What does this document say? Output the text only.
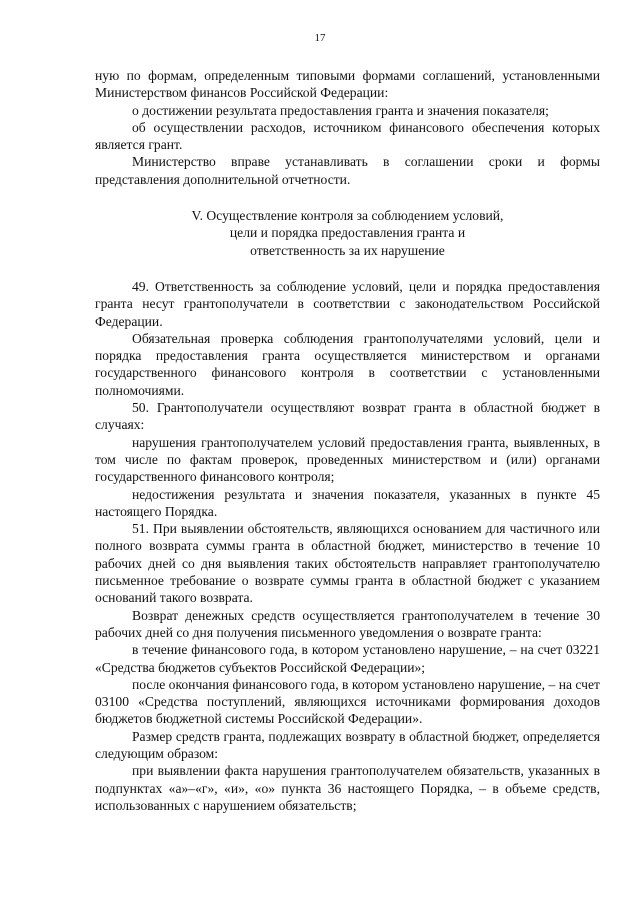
17

ную по формам, определенным типовыми формами соглашений, установленными Министерством финансов Российской Федерации:

о достижении результата предоставления гранта и значения показателя;

об осуществлении расходов, источником финансового обеспечения которых является грант.

Министерство вправе устанавливать в соглашении сроки и формы представления дополнительной отчетности.

V. Осуществление контроля за соблюдением условий,
цели и порядка предоставления гранта и
ответственность за их нарушение

49. Ответственность за соблюдение условий, цели и порядка предоставления гранта несут грантополучатели в соответствии с законодательством Российской Федерации.

Обязательная проверка соблюдения грантополучателями условий, цели и порядка предоставления гранта осуществляется министерством и органами государственного финансового контроля в соответствии с установленными полномочиями.

50. Грантополучатели осуществляют возврат гранта в областной бюджет в случаях:

нарушения грантополучателем условий предоставления гранта, выявленных, в том числе по фактам проверок, проведенных министерством и (или) органами государственного финансового контроля;

недостижения результата и значения показателя, указанных в пункте 45 настоящего Порядка.

51. При выявлении обстоятельств, являющихся основанием для частичного или полного возврата суммы гранта в областной бюджет, министерство в течение 10 рабочих дней со дня выявления таких обстоятельств направляет грантополучателю письменное требование о возврате суммы гранта в областной бюджет с указанием оснований такого возврата.

Возврат денежных средств осуществляется грантополучателем в течение 30 рабочих дней со дня получения письменного уведомления о возврате гранта:

в течение финансового года, в котором установлено нарушение, – на счет 03221 «Средства бюджетов субъектов Российской Федерации»;

после окончания финансового года, в котором установлено нарушение, – на счет 03100 «Средства поступлений, являющихся источниками формирования доходов бюджетов бюджетной системы Российской Федерации».

Размер средств гранта, подлежащих возврату в областной бюджет, определяется следующим образом:

при выявлении факта нарушения грантополучателем обязательств, указанных в подпунктах «а»–«г», «и», «о» пункта 36 настоящего Порядка, – в объеме средств, использованных с нарушением обязательств;
